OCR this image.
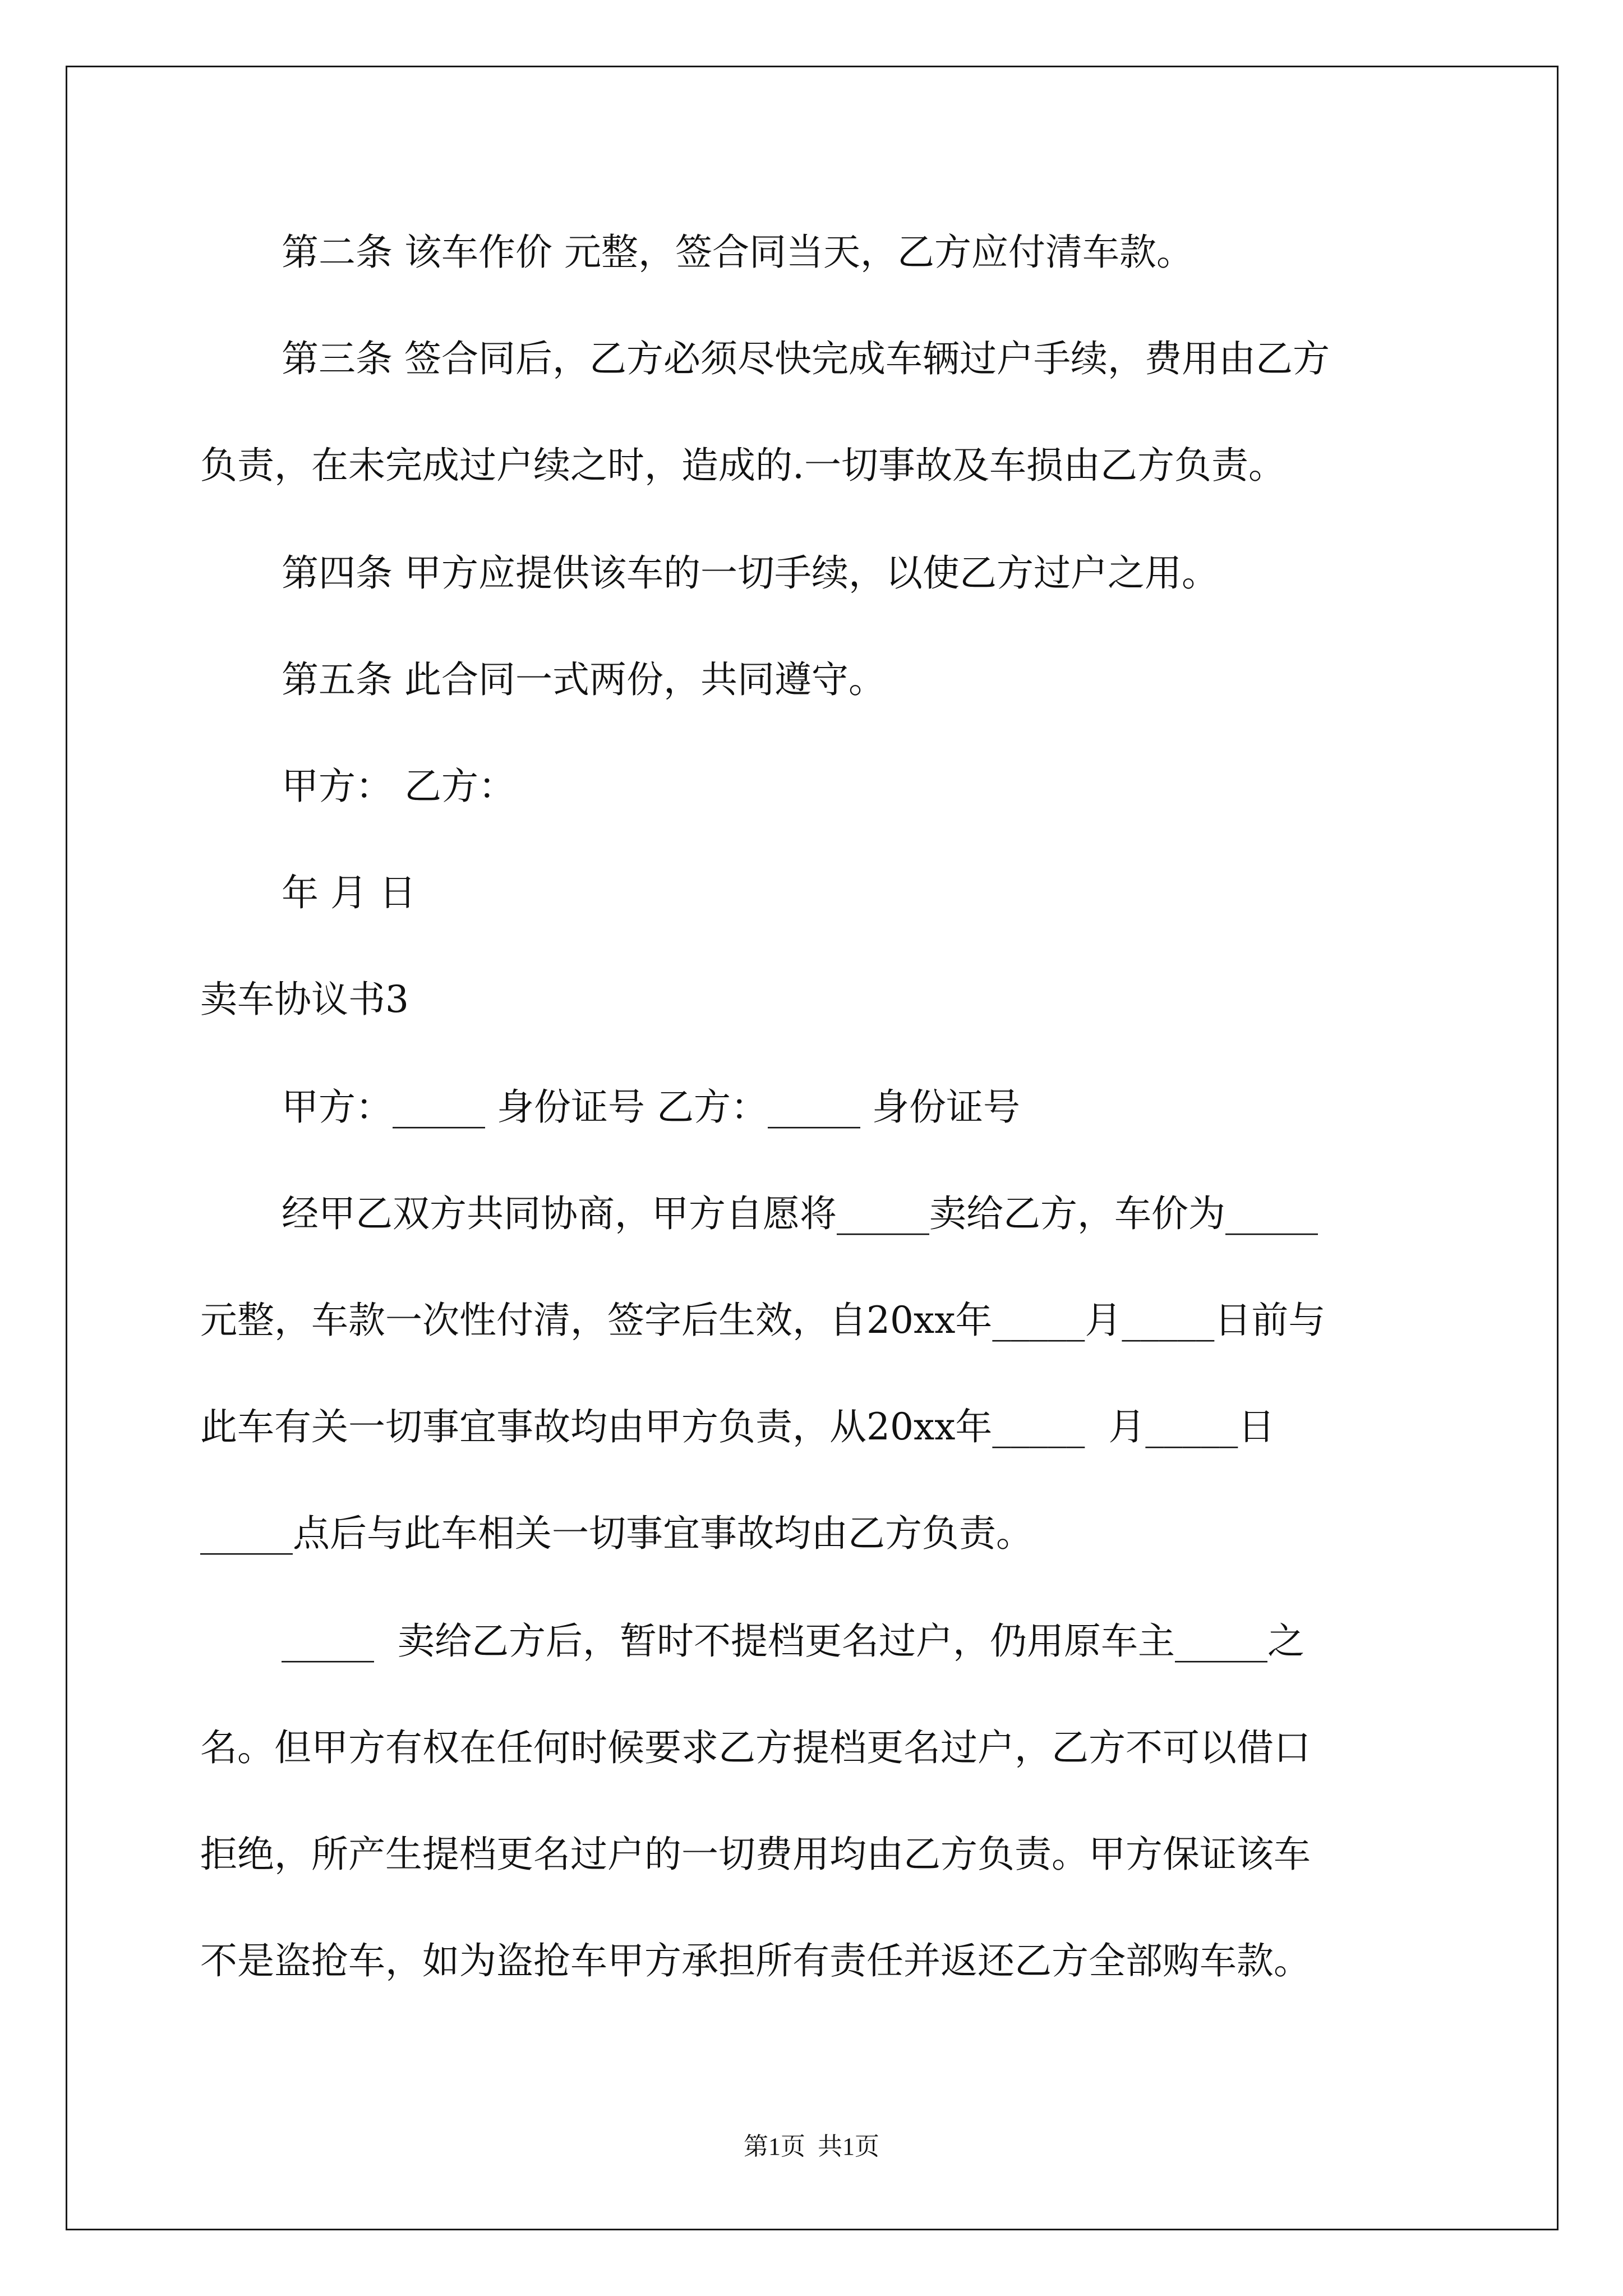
第二条 该车作价 元整，签合同当天，乙方应付清车款。
第三条 签合同后，乙方必须尽快完成车辆过户手续，费用由乙方
负责，在未完成过户续之时，造成的.一切事故及车损由乙方负责。
第四条 甲方应提供该车的一切手续，以使乙方过户之用。
第五条 此合同一式两份，共同遵守。
甲方： 乙方：
年 月 日
卖车协议书3
甲方：_____ 身份证号 乙方：_____ 身份证号
经甲乙双方共同协商，甲方自愿将_____卖给乙方，车价为_____
元整，车款一次性付清，签字后生效，自20xx年_____月_____日前与
此车有关一切事宜事故均由甲方负责，从20xx年_____  月_____日
_____点后与此车相关一切事宜事故均由乙方负责。
_____  卖给乙方后，暂时不提档更名过户，仍用原车主_____之
名。但甲方有权在任何时候要求乙方提档更名过户，乙方不可以借口
拒绝，所产生提档更名过户的一切费用均由乙方负责。甲方保证该车
不是盗抢车，如为盗抢车甲方承担所有责任并返还乙方全部购车款。
第1页  共1页
